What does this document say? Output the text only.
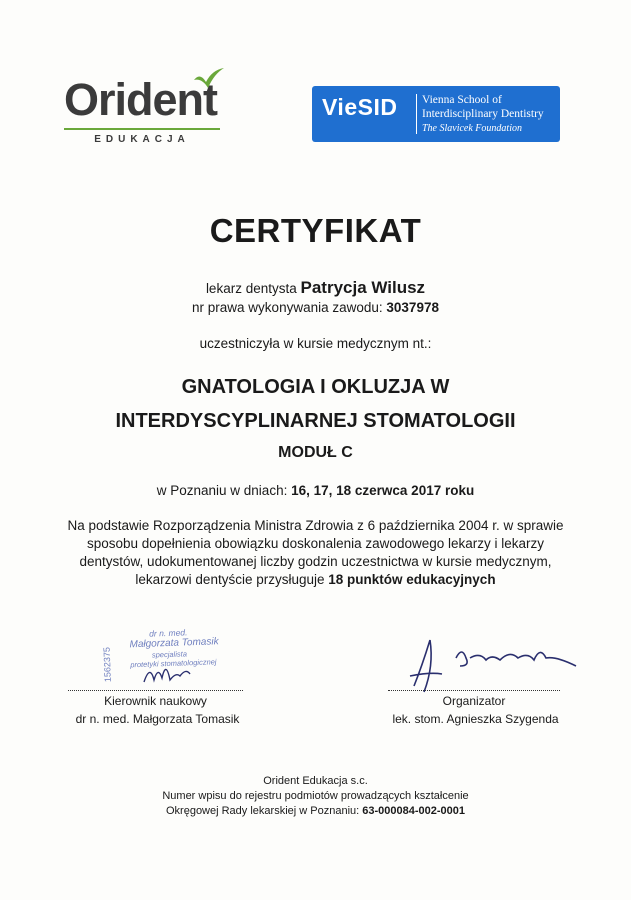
Orident
EDUKACJA
VieSID Vienna School of
Interdisciplinary Dentistry
The Slavicek Foundation
CERTYFIKAT
lekarz dentysta Patrycja Wilusz
nr prawa wykonywania zawodu: 3037978
uczestniczyła w kursie medycznym nt.:
GNATOLOGIA I OKLUZJA W
INTERDYSCYPLINARNEJ STOMATOLOGII
MODUŁ C
w Poznaniu w dniach: 16, 17, 18 czerwca 2017 roku
Na podstawie Rozporządzenia Ministra Zdrowia z 6 października 2004 r. w sprawie
sposobu dopełnienia obowiązku doskonalenia zawodowego lekarzy i lekarzy
dentystów, udokumentowanej liczby godzin uczestnictwa w kursie medycznym,
lekarzowi dentyście przysługuje 18 punktów edukacyjnych
1562375
dr n. med.
Małgorzata Tomasik
specjalista
protetyki stomatologicznej
Kierownik naukowy
dr n. med. Małgorzata Tomasik
Organizator
lek. stom. Agnieszka Szygenda
Orident Edukacja s.c.
Numer wpisu do rejestru podmiotów prowadzących kształcenie
Okręgowej Rady lekarskiej w Poznaniu: 63-000084-002-0001
